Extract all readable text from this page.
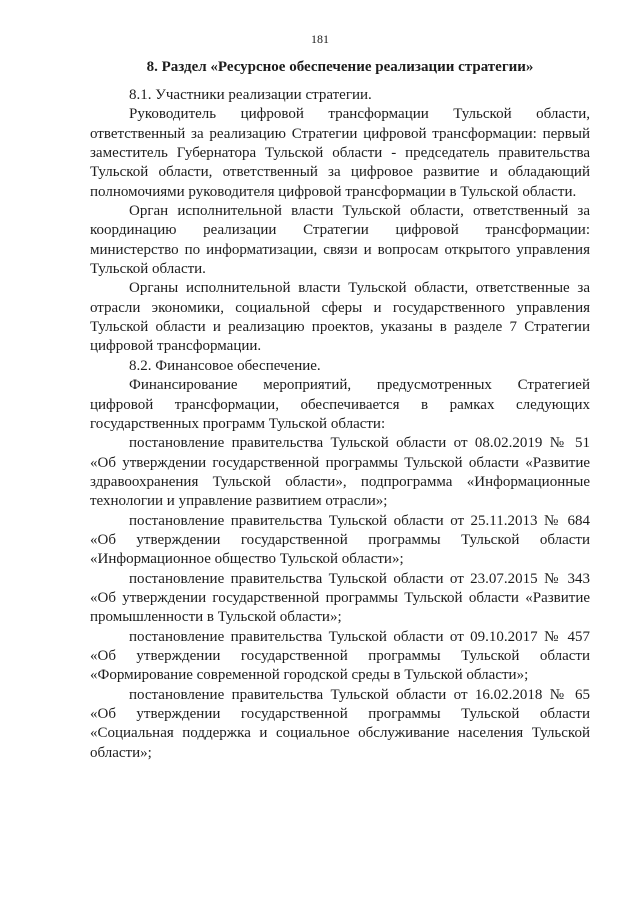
181
8. Раздел «Ресурсное обеспечение реализации стратегии»

8.1. Участники реализации стратегии.

Руководитель цифровой трансформации Тульской области, ответственный за реализацию Стратегии цифровой трансформации: первый заместитель Губернатора Тульской области - председатель правительства Тульской области, ответственный за цифровое развитие и обладающий полномочиями руководителя цифровой трансформации в Тульской области.

Орган исполнительной власти Тульской области, ответственный за координацию реализации Стратегии цифровой трансформации: министерство по информатизации, связи и вопросам открытого управления Тульской области.

Органы исполнительной власти Тульской области, ответственные за отрасли экономики, социальной сферы и государственного управления Тульской области и реализацию проектов, указаны в разделе 7 Стратегии цифровой трансформации.

8.2. Финансовое обеспечение.

Финансирование мероприятий, предусмотренных Стратегией цифровой трансформации, обеспечивается в рамках следующих государственных программ Тульской области:

постановление правительства Тульской области от 08.02.2019 № 51 «Об утверждении государственной программы Тульской области «Развитие здравоохранения Тульской области», подпрограмма «Информационные технологии и управление развитием отрасли»;

постановление правительства Тульской области от 25.11.2013 № 684 «Об утверждении государственной программы Тульской области «Информационное общество Тульской области»;

постановление правительства Тульской области от 23.07.2015 № 343 «Об утверждении государственной программы Тульской области «Развитие промышленности в Тульской области»;

постановление правительства Тульской области от 09.10.2017 № 457 «Об утверждении государственной программы Тульской области «Формирование современной городской среды в Тульской области»;

постановление правительства Тульской области от 16.02.2018 № 65 «Об утверждении государственной программы Тульской области «Социальная поддержка и социальное обслуживание населения Тульской области»;
